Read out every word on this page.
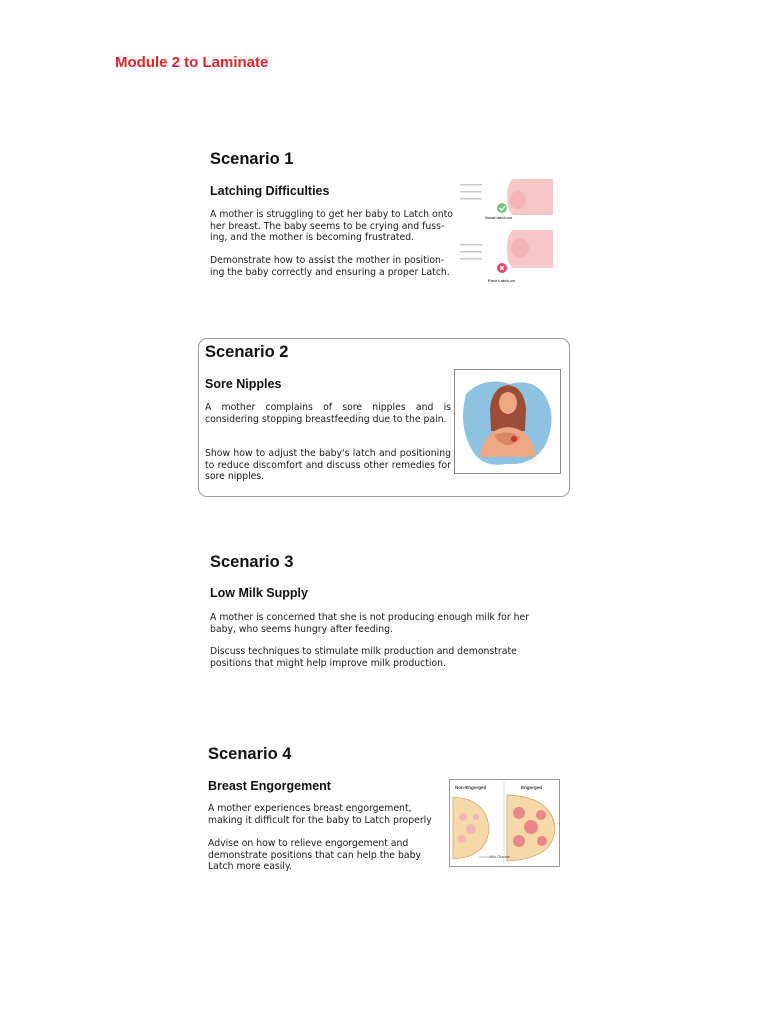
Module 2 to Laminate
Scenario 1
Latching Difficulties

A mother is struggling to get her baby to Latch onto her breast. The baby seems to be crying and fuss-ing, and the mother is becoming frustrated.

Demonstrate how to assist the mother in position-ing the baby correctly and ensuring a proper Latch.

Good latch-on
Poor Latch-on
Scenario 2
Sore Nipples

A mother complains of sore nipples and is considering stopping breastfeeding due to the pain.

Show how to adjust the baby's latch and positioning to reduce discomfort and discuss other remedies for sore nipples.

Scenario 3
Low Milk Supply

A mother is concerned that she is not producing enough milk for her baby, who seems hungry after feeding.

Discuss techniques to stimulate milk production and demonstrate positions that might help improve milk production.

Scenario 4
Breast Engorgement

A mother experiences breast engorgement, making it difficult for the baby to Latch properly

Advise on how to relieve engorgement and demonstrate positions that can help the baby Latch more easily.

Non-Engorged	Engorged
Milk Glands
